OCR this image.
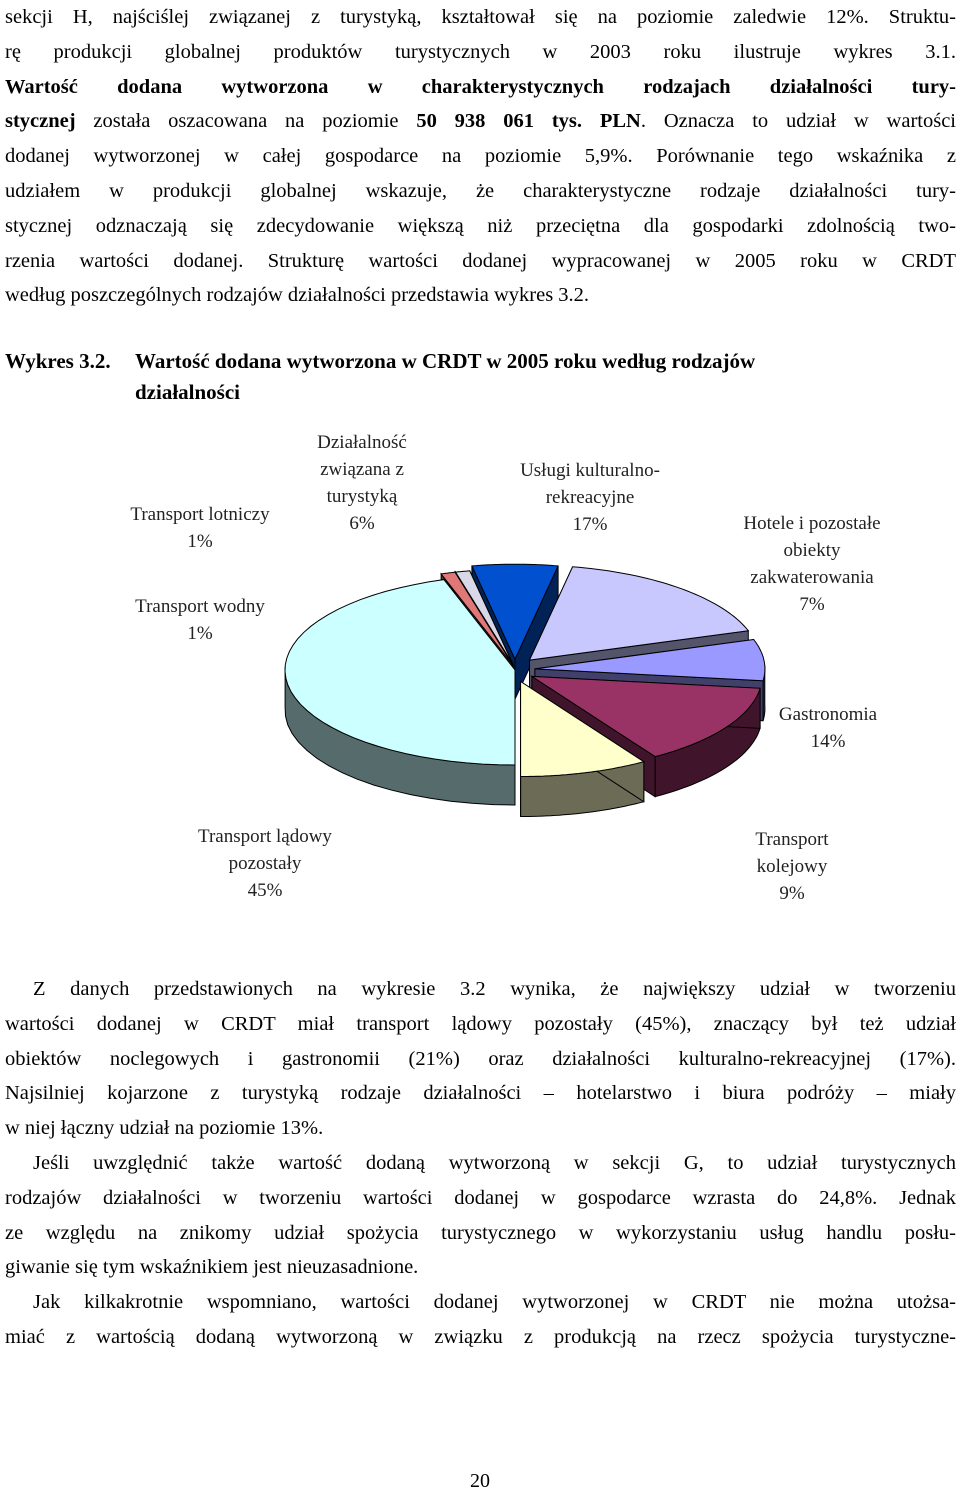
sekcji H, najściślej związanej z turystyką, kształtował się na poziomie zaledwie 12%. Struktu-
rę produkcji globalnej produktów turystycznych w 2003 roku ilustruje wykres 3.1.
Wartość dodana wytworzona w charakterystycznych rodzajach działalności tury-
stycznej została oszacowana na poziomie 50 938 061 tys. PLN. Oznacza to udział w wartości
dodanej wytworzonej w całej gospodarce na poziomie 5,9%. Porównanie tego wskaźnika z
udziałem w produkcji globalnej wskazuje, że charakterystyczne rodzaje działalności tury-
stycznej odznaczają się zdecydowanie większą niż przeciętna dla gospodarki zdolnością two-
rzenia wartości dodanej. Strukturę wartości dodanej wypracowanej w 2005 roku w CRDT
według poszczególnych rodzajów działalności przedstawia wykres 3.2.
Wykres 3.2. Wartość dodana wytworzona w CRDT w 2005 roku według rodzajów
działalności
Transport lotniczy
1%
Transport wodny
1%
Działalność
związana z
turystyką
6%
Usługi kulturalno-
rekreacyjne
17%	Hotele i pozostałe
obiekty
zakwaterowania
7%
Gastronomia
14%
Transport
kolejowy
9%
Transport lądowy
pozostały
45%
Z danych przedstawionych na wykresie 3.2 wynika, że największy udział w tworzeniu
wartości dodanej w CRDT miał transport lądowy pozostały (45%), znaczący był też udział
obiektów noclegowych i gastronomii (21%) oraz działalności kulturalno-rekreacyjnej (17%).
Najsilniej kojarzone z turystyką rodzaje działalności – hotelarstwo i biura podróży – miały
w niej łączny udział na poziomie 13%.
Jeśli uwzględnić także wartość dodaną wytworzoną w sekcji G, to udział turystycznych
rodzajów działalności w tworzeniu wartości dodanej w gospodarce wzrasta do 24,8%. Jednak
ze względu na znikomy udział spożycia turystycznego w wykorzystaniu usług handlu posłu-
giwanie się tym wskaźnikiem jest nieuzasadnione.
Jak kilkakrotnie wspomniano, wartości dodanej wytworzonej w CRDT nie można utożsa-
miać z wartością dodaną wytworzoną w związku z produkcją na rzecz spożycia turystyczne-
20
